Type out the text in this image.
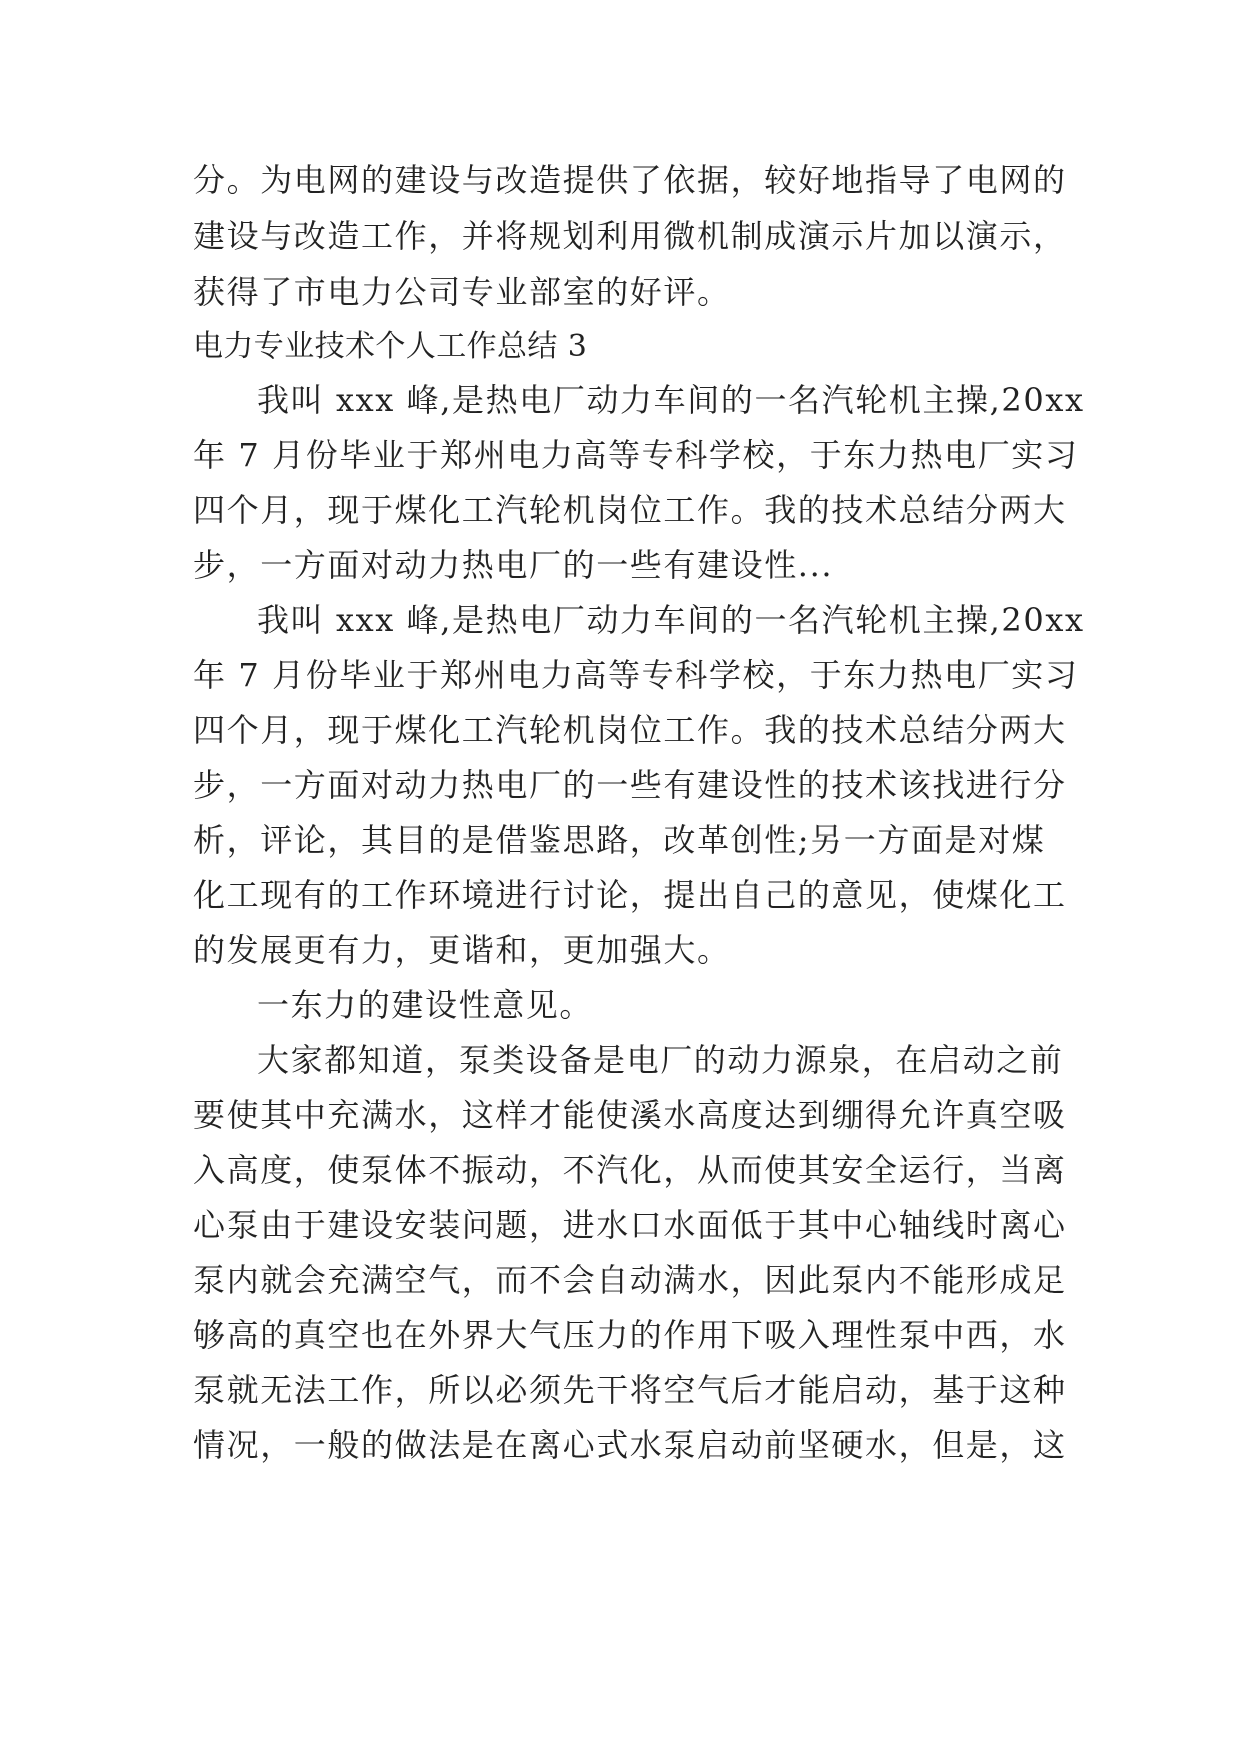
分。为电网的建设与改造提供了依据，较好地指导了电网的
建设与改造工作，并将规划利用微机制成演示片加以演示，
获得了市电力公司专业部室的好评。
电力专业技术个人工作总结 3
我叫 xxx 峰,是热电厂动力车间的一名汽轮机主操,20xx
年 7 月份毕业于郑州电力高等专科学校，于东力热电厂实习
四个月，现于煤化工汽轮机岗位工作。我的技术总结分两大
步，一方面对动力热电厂的一些有建设性...
我叫 xxx 峰,是热电厂动力车间的一名汽轮机主操,20xx
年 7 月份毕业于郑州电力高等专科学校，于东力热电厂实习
四个月，现于煤化工汽轮机岗位工作。我的技术总结分两大
步，一方面对动力热电厂的一些有建设性的技术该找进行分
析，评论，其目的是借鉴思路，改革创性;另一方面是对煤
化工现有的工作环境进行讨论，提出自己的意见，使煤化工
的发展更有力，更谐和，更加强大。
一东力的建设性意见。
大家都知道，泵类设备是电厂的动力源泉，在启动之前
要使其中充满水，这样才能使溪水高度达到绷得允许真空吸
入高度，使泵体不振动，不汽化，从而使其安全运行，当离
心泵由于建设安装问题，进水口水面低于其中心轴线时离心
泵内就会充满空气，而不会自动满水，因此泵内不能形成足
够高的真空也在外界大气压力的作用下吸入理性泵中西，水
泵就无法工作，所以必须先干将空气后才能启动，基于这种
情况，一般的做法是在离心式水泵启动前坚硬水，但是，这
